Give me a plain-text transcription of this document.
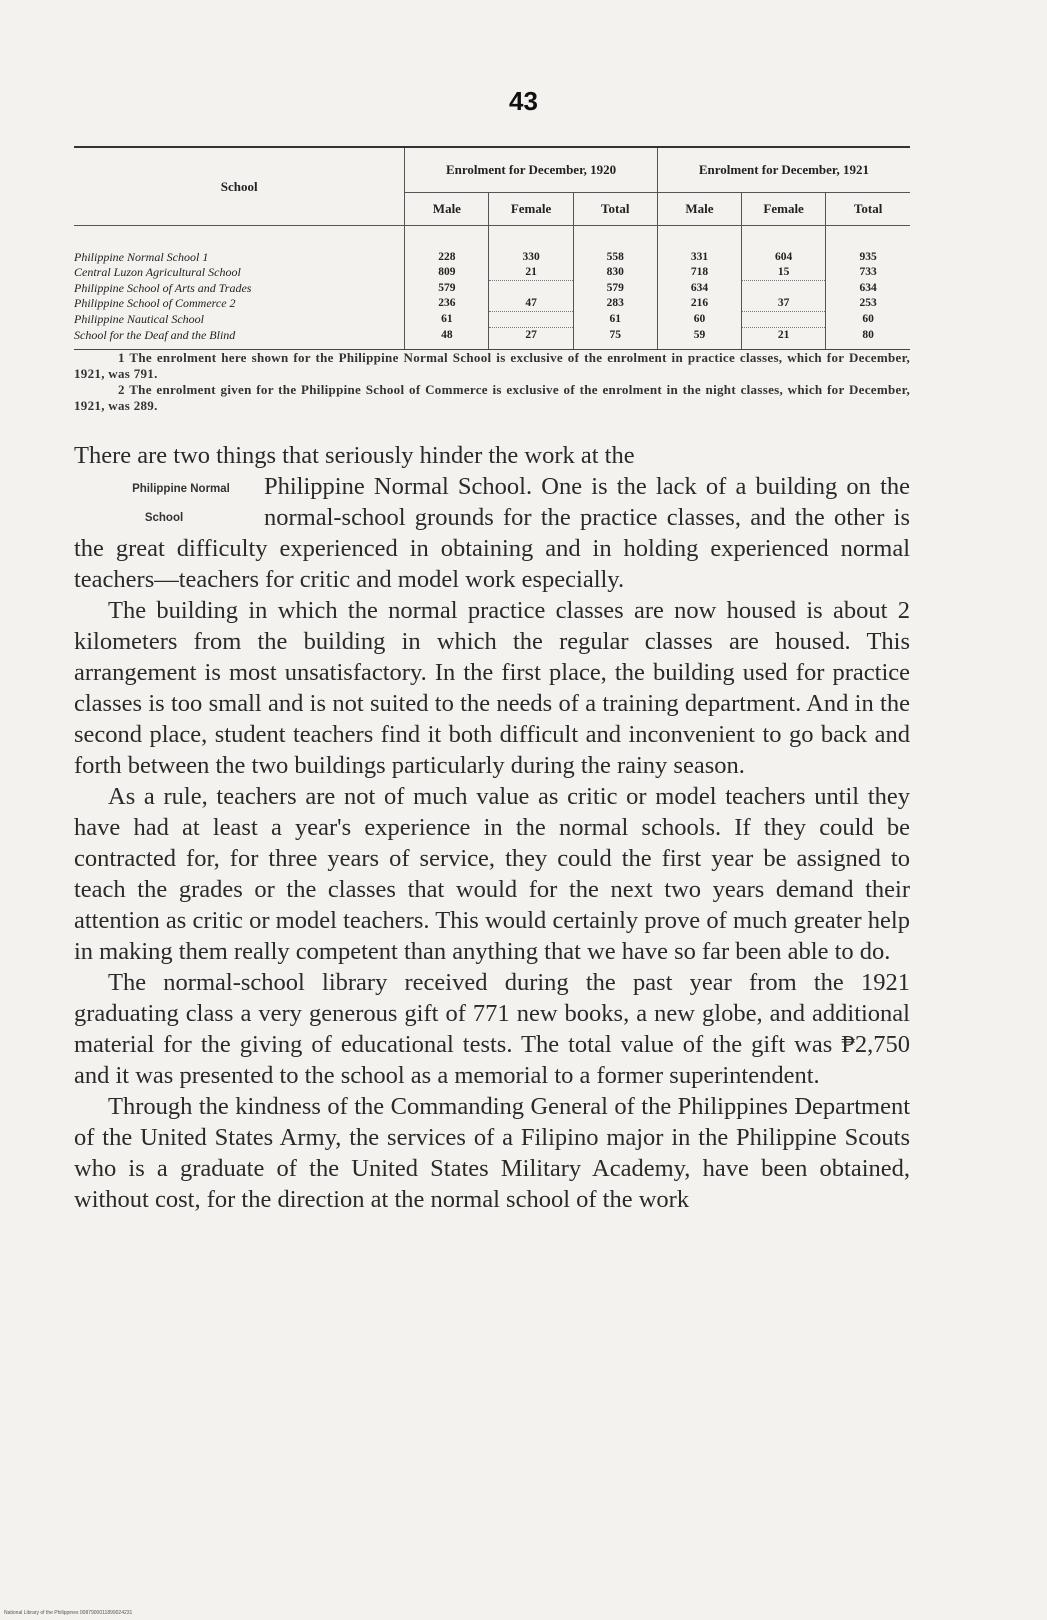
43
School	Enrolment for December, 1920			Enrolment for December, 1921		
	Male	Female	Total	Male	Female	Total
Philippine Normal School 1	228	330	558	331	604	935
Central Luzon Agricultural School	809	21	830	718	15	733
Philippine School of Arts and Trades	579		579	634		634
Philippine School of Commerce 2	236	47	283	216	37	253
Philippine Nautical School	61		61	60		60
School for the Deaf and the Blind	48	27	75	59	21	80

1 The enrolment here shown for the Philippine Normal School is exclusive of the enrolment in practice classes, which for December, 1921, was 791.

2 The enrolment given for the Philippine School of Commerce is exclusive of the enrolment in the night classes, which for December, 1921, was 289.

There are two things that seriously hinder the work at the
Philippine Normal
School
Philippine Normal School. One is the lack of a building on the normal-school grounds for the practice classes, and the other is the great difficulty experienced in obtaining and in holding experienced normal teachers—teachers for critic and model work especially.

The building in which the normal practice classes are now housed is about 2 kilometers from the building in which the regular classes are housed. This arrangement is most unsatisfactory. In the first place, the building used for practice classes is too small and is not suited to the needs of a training department. And in the second place, student teachers find it both difficult and inconvenient to go back and forth between the two buildings particularly during the rainy season.

As a rule, teachers are not of much value as critic or model teachers until they have had at least a year's experience in the normal schools. If they could be contracted for, for three years of service, they could the first year be assigned to teach the grades or the classes that would for the next two years demand their attention as critic or model teachers. This would certainly prove of much greater help in making them really competent than anything that we have so far been able to do.

The normal-school library received during the past year from the 1921 graduating class a very generous gift of 771 new books, a new globe, and additional material for the giving of educational tests. The total value of the gift was ₱2,750 and it was presented to the school as a memorial to a former superintendent.

Through the kindness of the Commanding General of the Philippines Department of the United States Army, the services of a Filipino major in the Philippine Scouts who is a graduate of the United States Military Academy, have been obtained, without cost, for the direction at the normal school of the work

National Library of the Philippines 0087900011899024231
